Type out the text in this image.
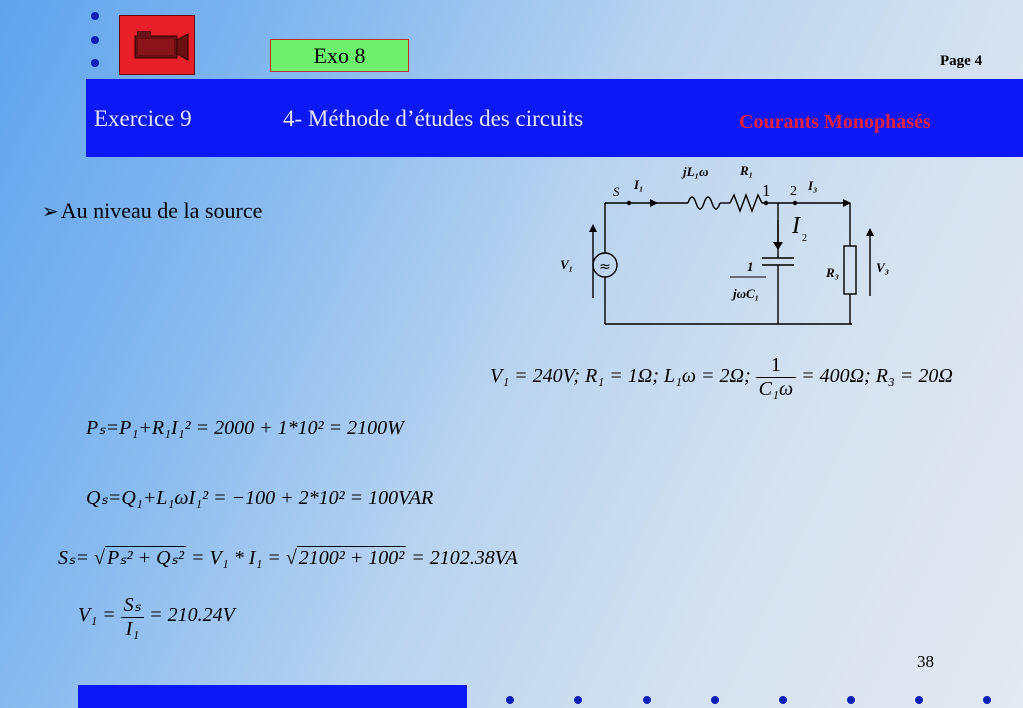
Exo 8	Page 4
Exercice 9	4- Méthode d’études des circuits	Courants Monophasés
➢Au niveau de la source
jL₁ω R₁
S I₁	I₃
V₁
R₃	V₃
1
jωC₁
1 2
I 2
≈
V₁ = 240V; R₁ = 1Ω; L₁ω = 2Ω; $\frac{1}{\text{C₁ω}} = 400\Omega$; R₃ = 20Ω
Pₛ=P₁+R₁I₁² = 2000 + 1*10² = 2100W
Qₛ=Q₁+L₁ωI₁² = −100 + 2*10² = 100VAR
Sₛ= √ Pₛ² + Qₛ² = V₁ * I₁ = √ 2100² + 100² = 2102.38VA
$V_1 = \frac{\text{Sₛ}}{\text{I₁}} = 210.24V$
38
